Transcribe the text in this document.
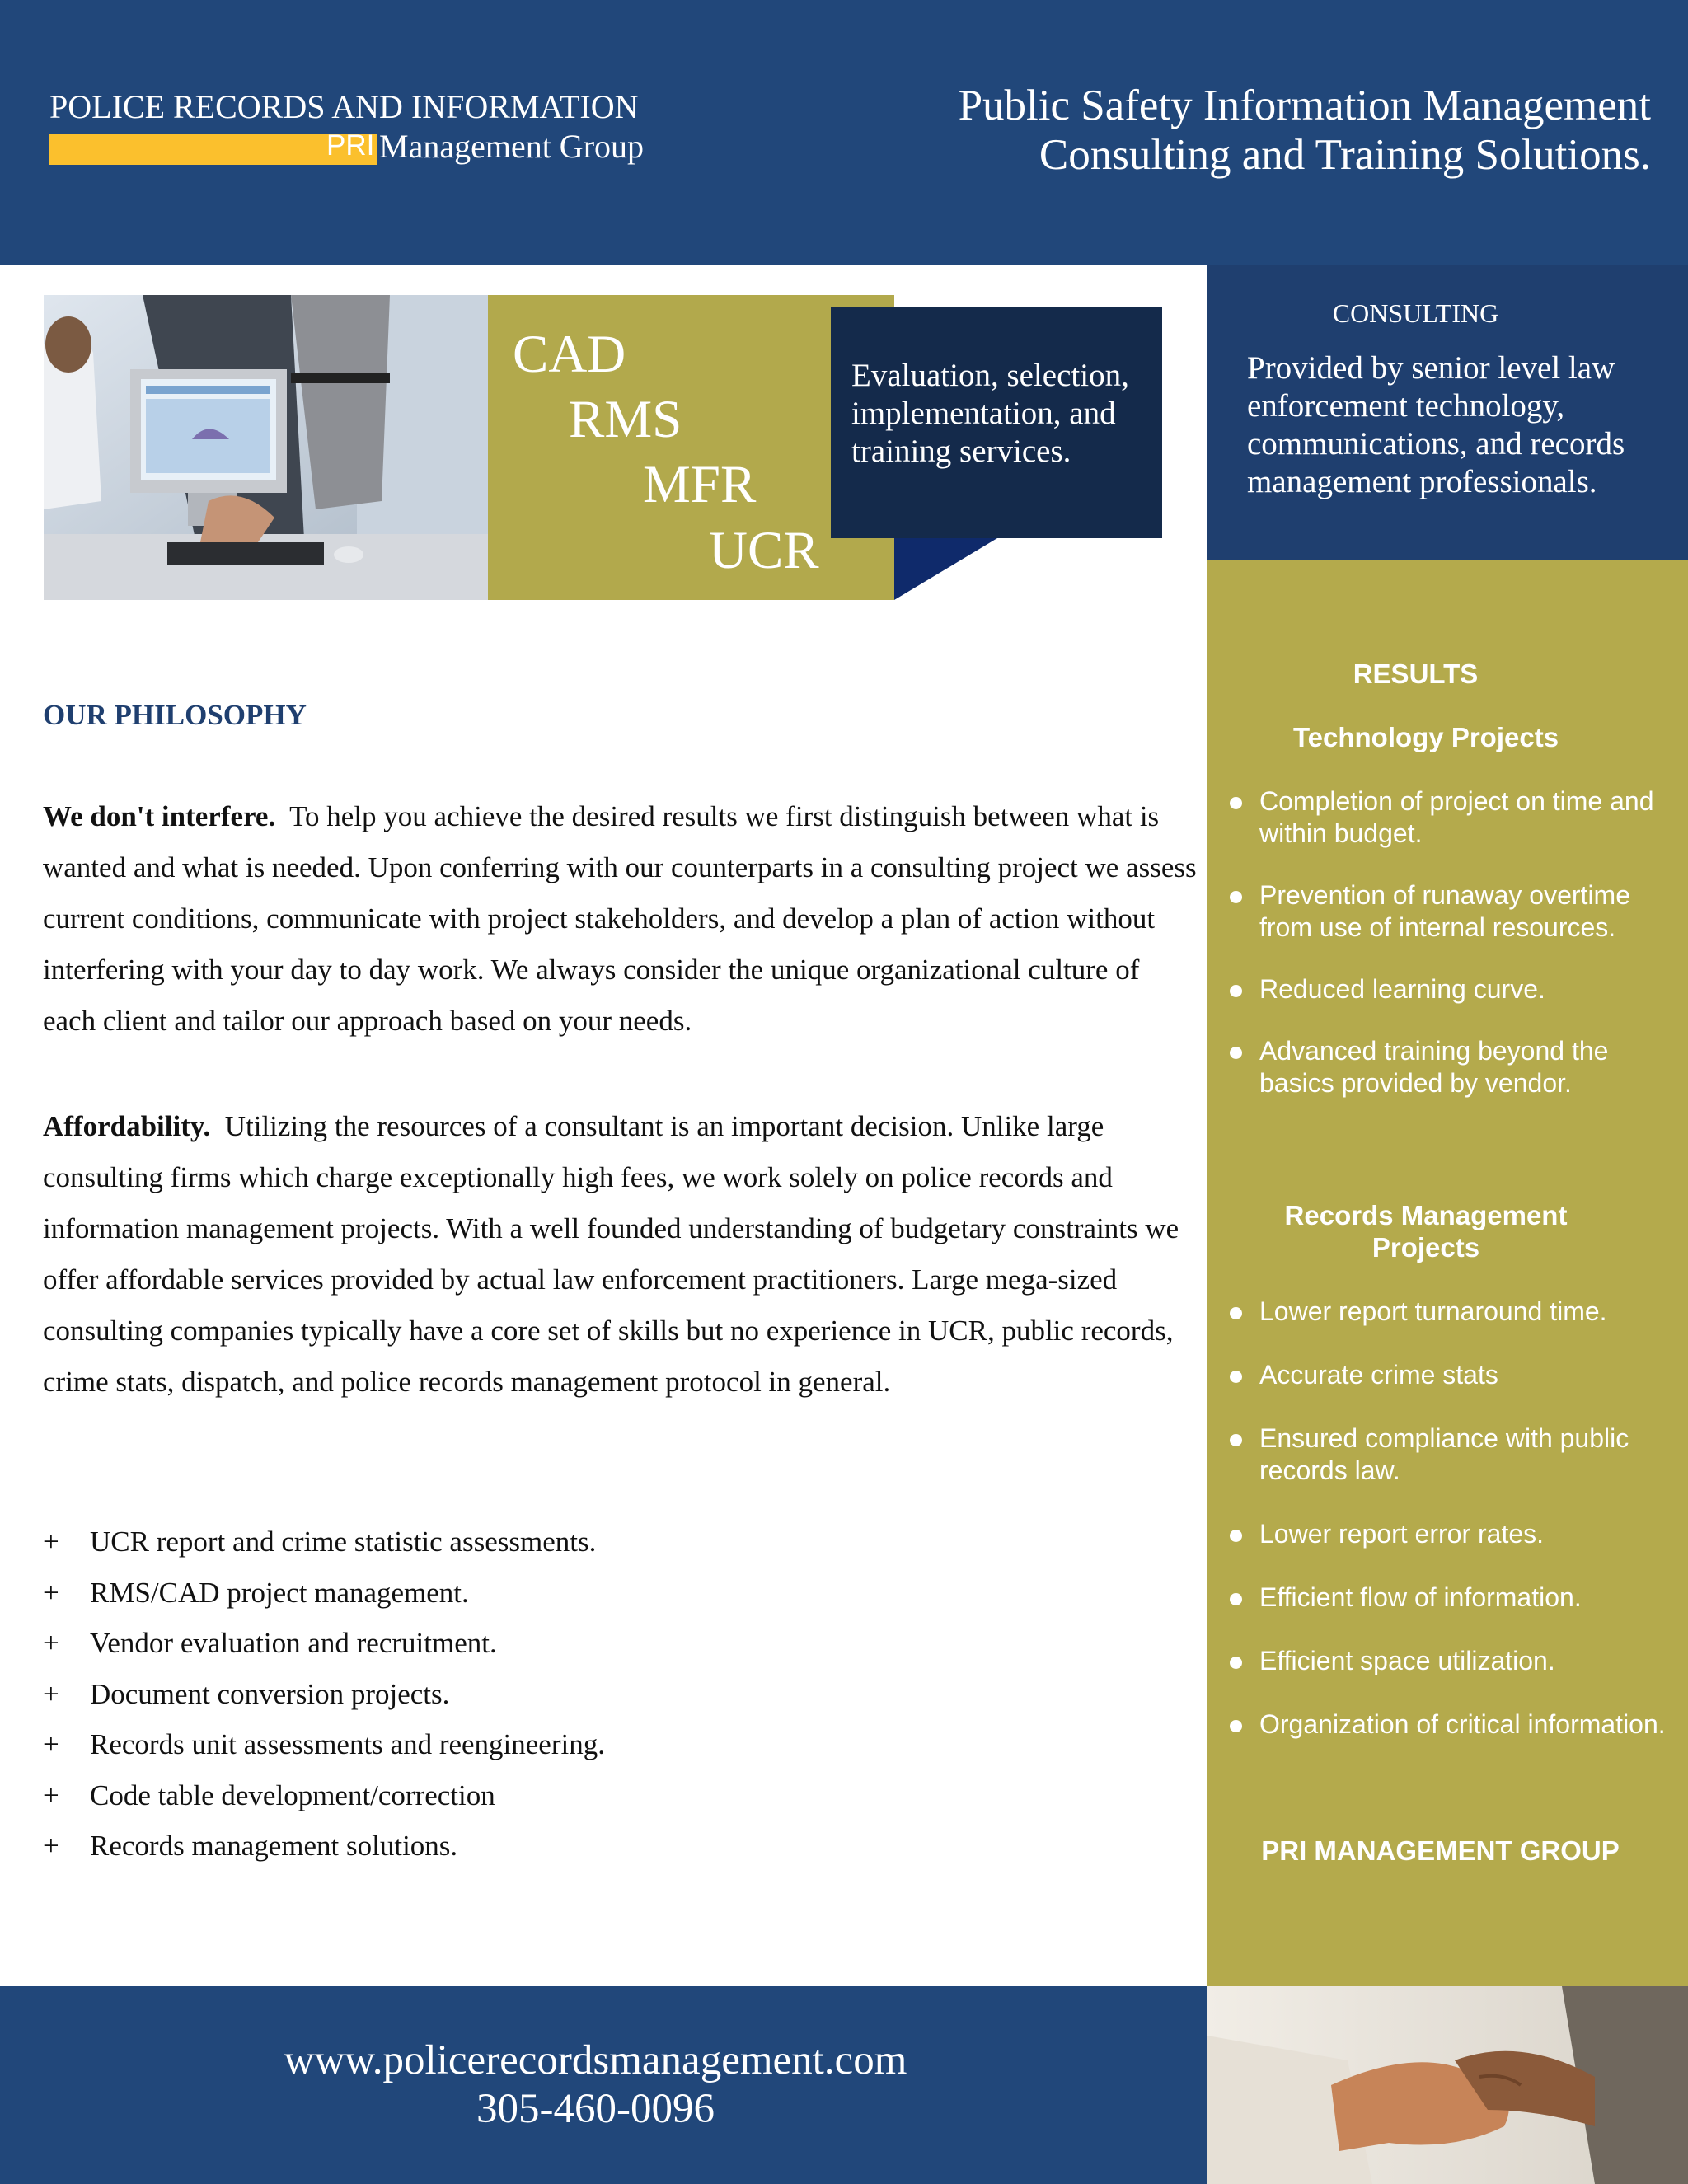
POLICE RECORDS AND INFORMATION
PRI Management Group
Public Safety Information Management
Consulting and Training Solutions.
CAD
RMS
MFR
UCR
Evaluation, selection, implementation, and training services.
CONSULTING
Provided by senior level law enforcement technology, communications, and records management professionals.
RESULTS
Technology Projects
Completion of project on time and within budget.
Prevention of runaway overtime from use of internal resources.
Reduced learning curve.
Advanced training beyond the basics provided by vendor.
Records Management Projects
Lower report turnaround time.
Accurate crime stats
Ensured compliance with public records law.
Lower report error rates.
Efficient flow of information.
Efficient space utilization.
Organization of critical information.
PRI MANAGEMENT GROUP
OUR PHILOSOPHY
We don't interfere. To help you achieve the desired results we first distinguish between what is wanted and what is needed. Upon conferring with our counterparts in a consulting project we assess current conditions, communicate with project stakeholders, and develop a plan of action without interfering with your day to day work. We always consider the unique organizational culture of each client and tailor our approach based on your needs.
Affordability. Utilizing the resources of a consultant is an important decision. Unlike large consulting firms which charge exceptionally high fees, we work solely on police records and information management projects. With a well founded understanding of budgetary constraints we offer affordable services provided by actual law enforcement practitioners. Large mega-sized consulting companies typically have a core set of skills but no experience in UCR, public records, crime stats, dispatch, and police records management protocol in general.
+ UCR report and crime statistic assessments.
+ RMS/CAD project management.
+ Vendor evaluation and recruitment.
+ Document conversion projects.
+ Records unit assessments and reengineering.
+ Code table development/correction
+ Records management solutions.
www.policerecordsmanagement.com
305-460-0096
